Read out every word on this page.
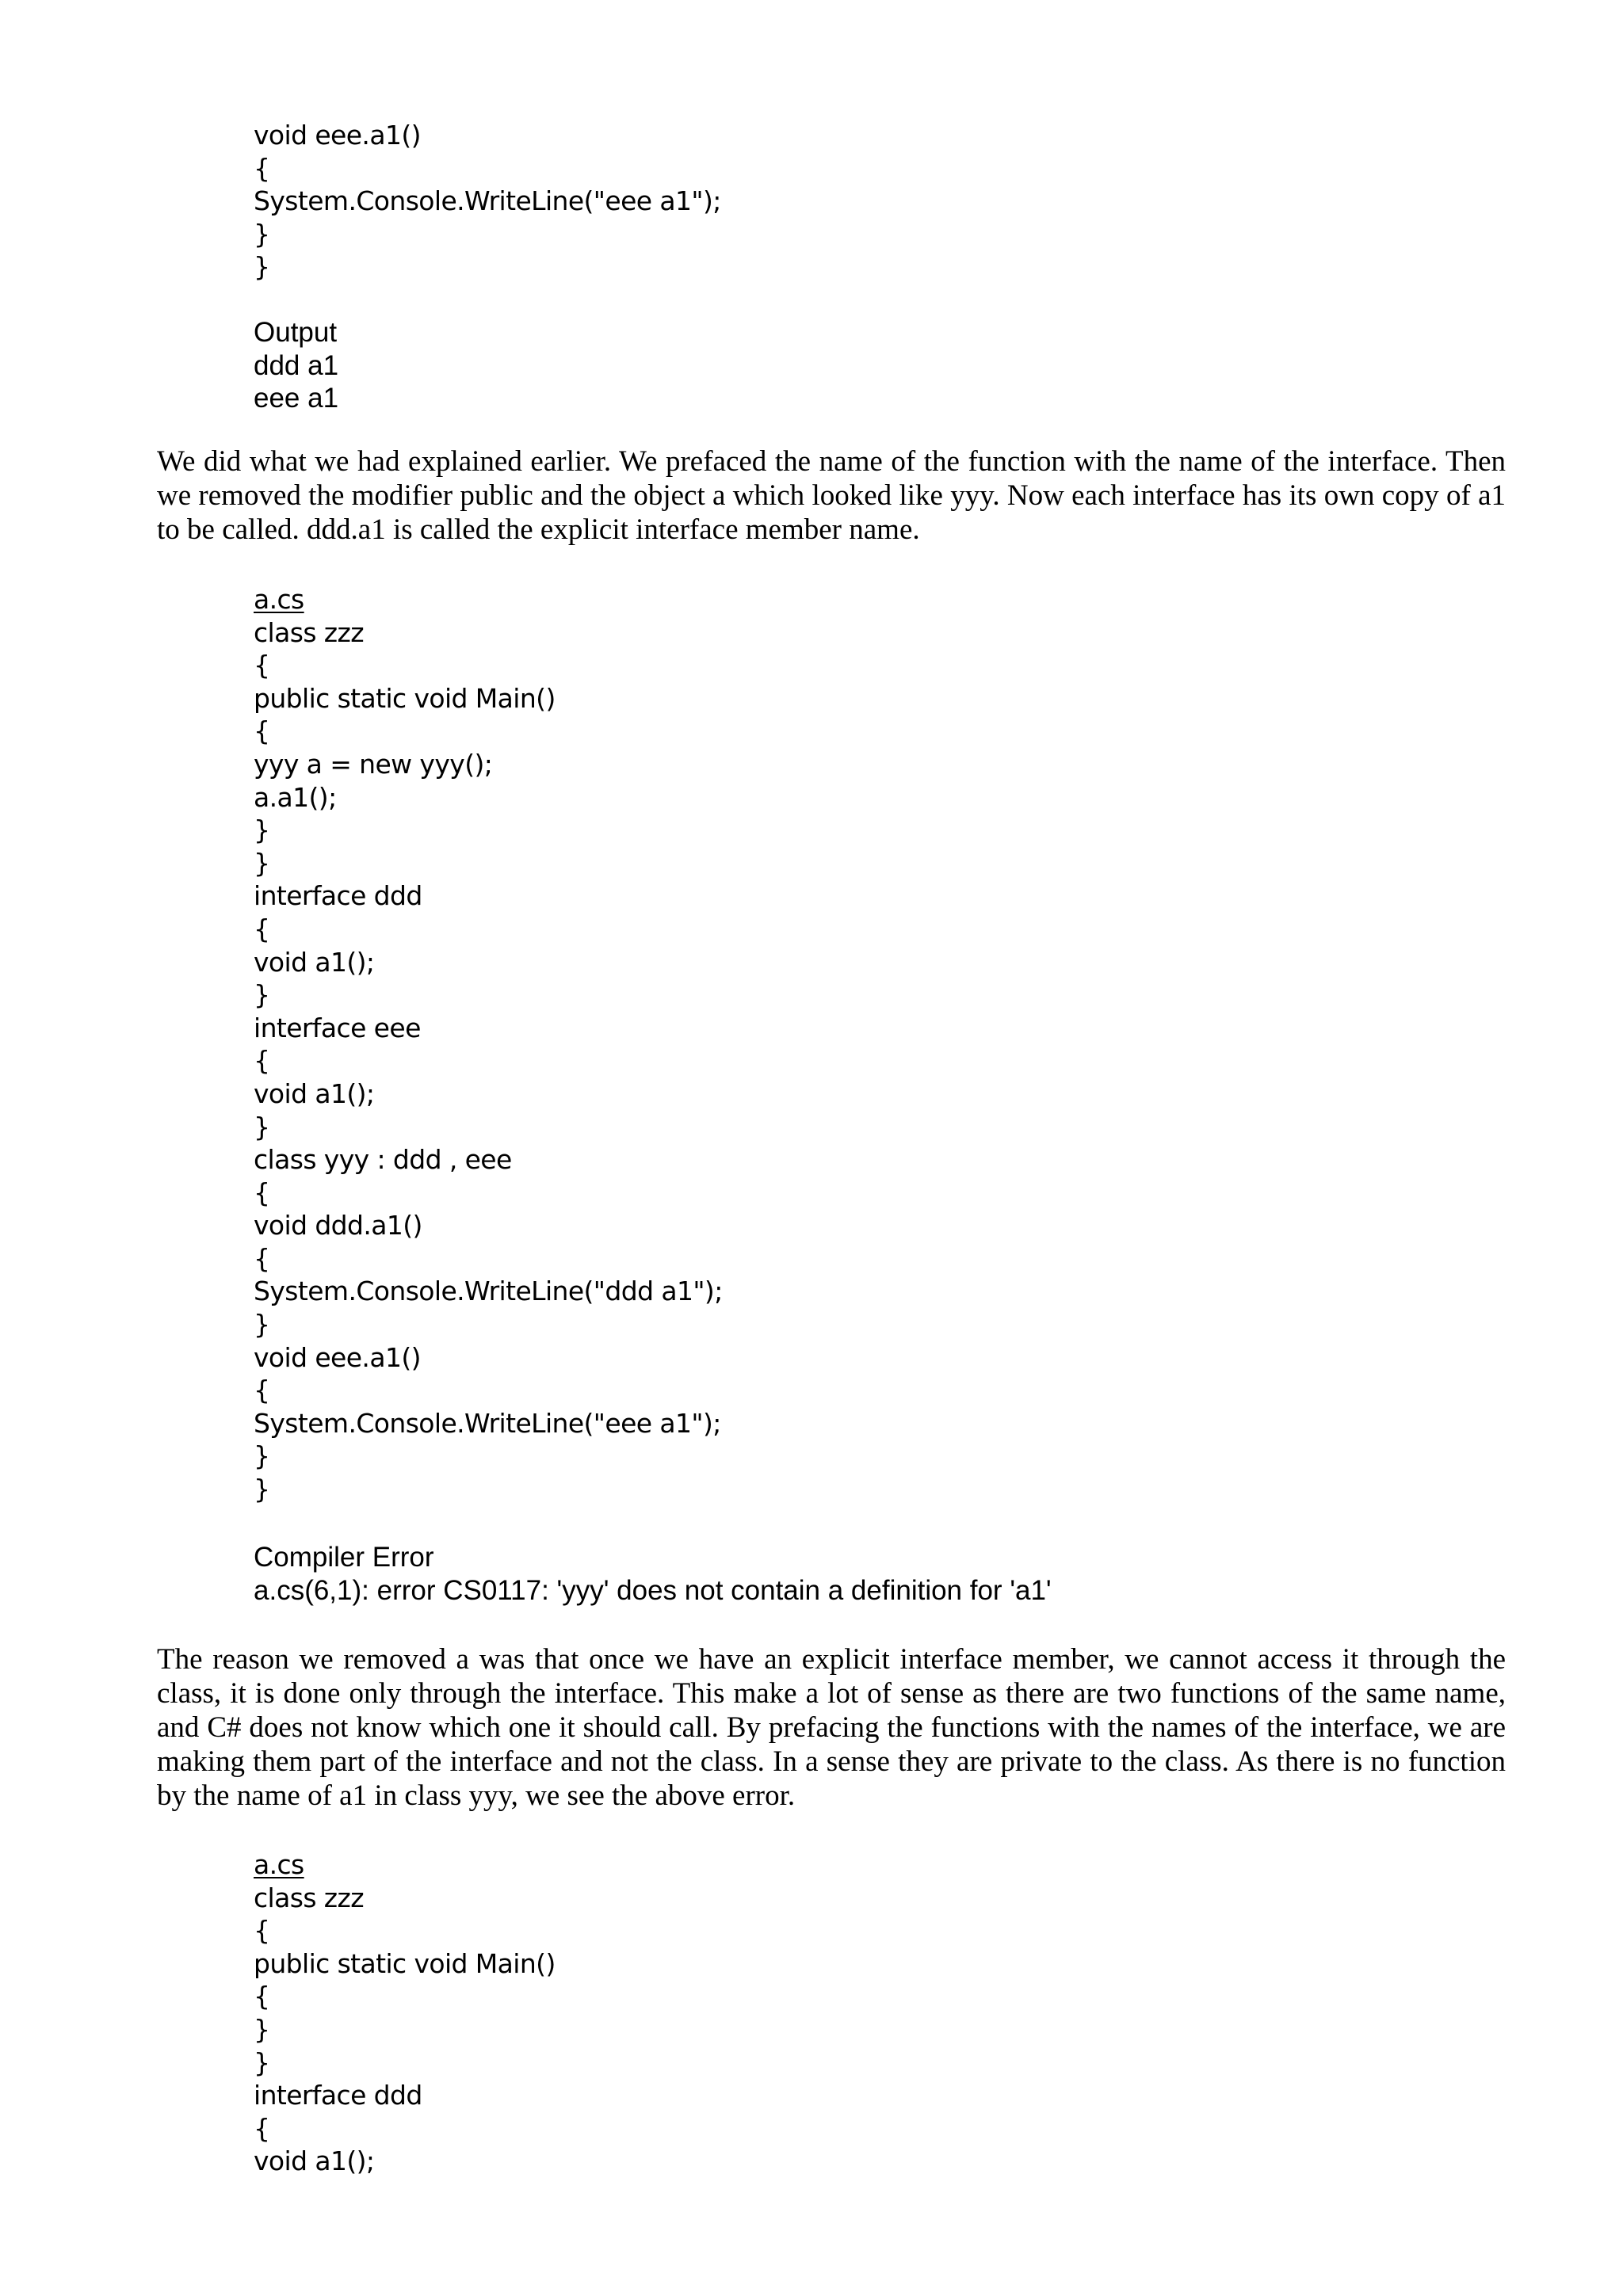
void eee.a1()
{
System.Console.WriteLine("eee a1");
}
}
Output
ddd a1
eee a1

We did what we had explained earlier. We prefaced the name of the function with the name of the interface. Then we removed the modifier public and the object a which looked like yyy. Now each interface has its own copy of a1 to be called. ddd.a1 is called the explicit interface member name.

a.cs
class zzz
{
public static void Main()
{
yyy a = new yyy();
a.a1();
}
}
interface ddd
{
void a1();
}
interface eee
{
void a1();
}
class yyy : ddd , eee
{
void ddd.a1()
{
System.Console.WriteLine("ddd a1");
}
void eee.a1()
{
System.Console.WriteLine("eee a1");
}
}
Compiler Error
a.cs(6,1): error CS0117: 'yyy' does not contain a definition for 'a1'

The reason we removed a was that once we have an explicit interface member, we cannot access it through the class, it is done only through the interface. This make a lot of sense as there are two functions of the same name, and C# does not know which one it should call. By prefacing the functions with the names of the interface, we are making them part of the interface and not the class. In a sense they are private to the class. As there is no function by the name of a1 in class yyy, we see the above error.

a.cs
class zzz
{
public static void Main()
{
}
}
interface ddd
{
void a1();
